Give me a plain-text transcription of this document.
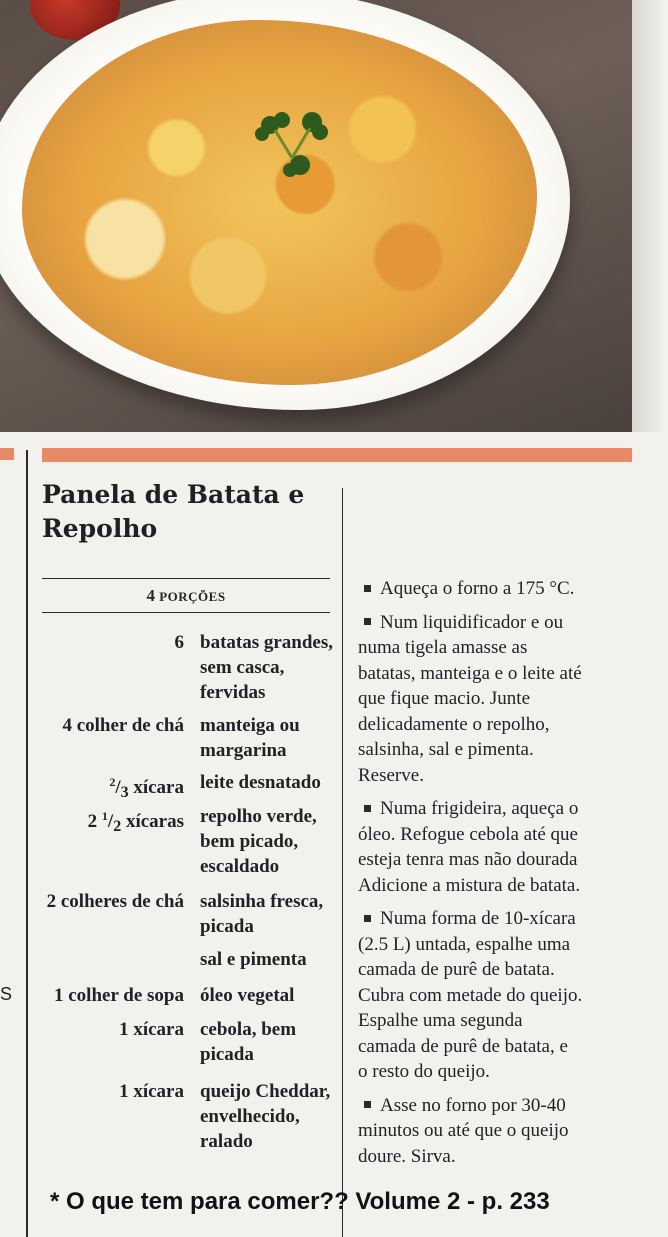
Panela de Batata e
Repolho
4 PORÇÕES
6 batatas grandes,
sem casca,
fervidas
4 colher de chá manteiga ou
margarina
$^2/_3$ xícara leite desnatado
2 $^1/_2$ xícaras repolho verde,
bem picado,
escaldado
2 colheres de chá salsinha fresca,
picada
sal e pimenta
1 colher de sopa óleo vegetal
1 xícara cebola, bem
picada
1 xícara queijo Cheddar,
envelhecido,
ralado

Aqueça o forno a 175 °C.

Num liquidificador e ou

numa tigela amasse as

batatas, manteiga e o leite até

que fique macio. Junte

delicadamente o repolho,

salsinha, sal e pimenta.

Reserve.

Numa frigideira, aqueça o

óleo. Refogue cebola até que

esteja tenra mas não dourada

Adicione a mistura de batata.

Numa forma de 10-xícara

(2.5 L) untada, espalhe uma

camada de purê de batata.

Cubra com metade do queijo.

Espalhe uma segunda

camada de purê de batata, e

o resto do queijo.

Asse no forno por 30-40

minutos ou até que o queijo

doure. Sirva.

S
* O que tem para comer?? Volume 2 - p. 233
